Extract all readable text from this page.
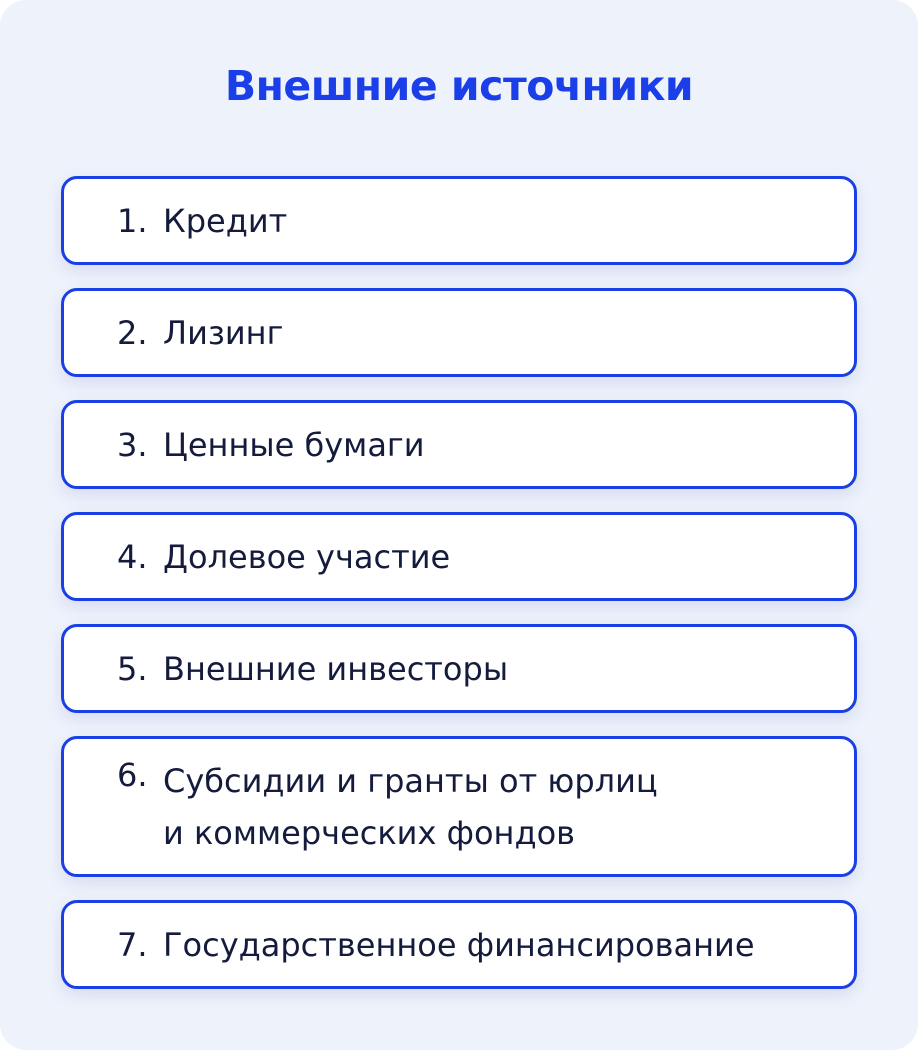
Внешние источники
1. Кредит
2. Лизинг
3. Ценные бумаги
4. Долевое участие
5. Внешние инвесторы
6. Субсидии и гранты от юрлиц
и коммерческих фондов
7. Государственное финансирование
